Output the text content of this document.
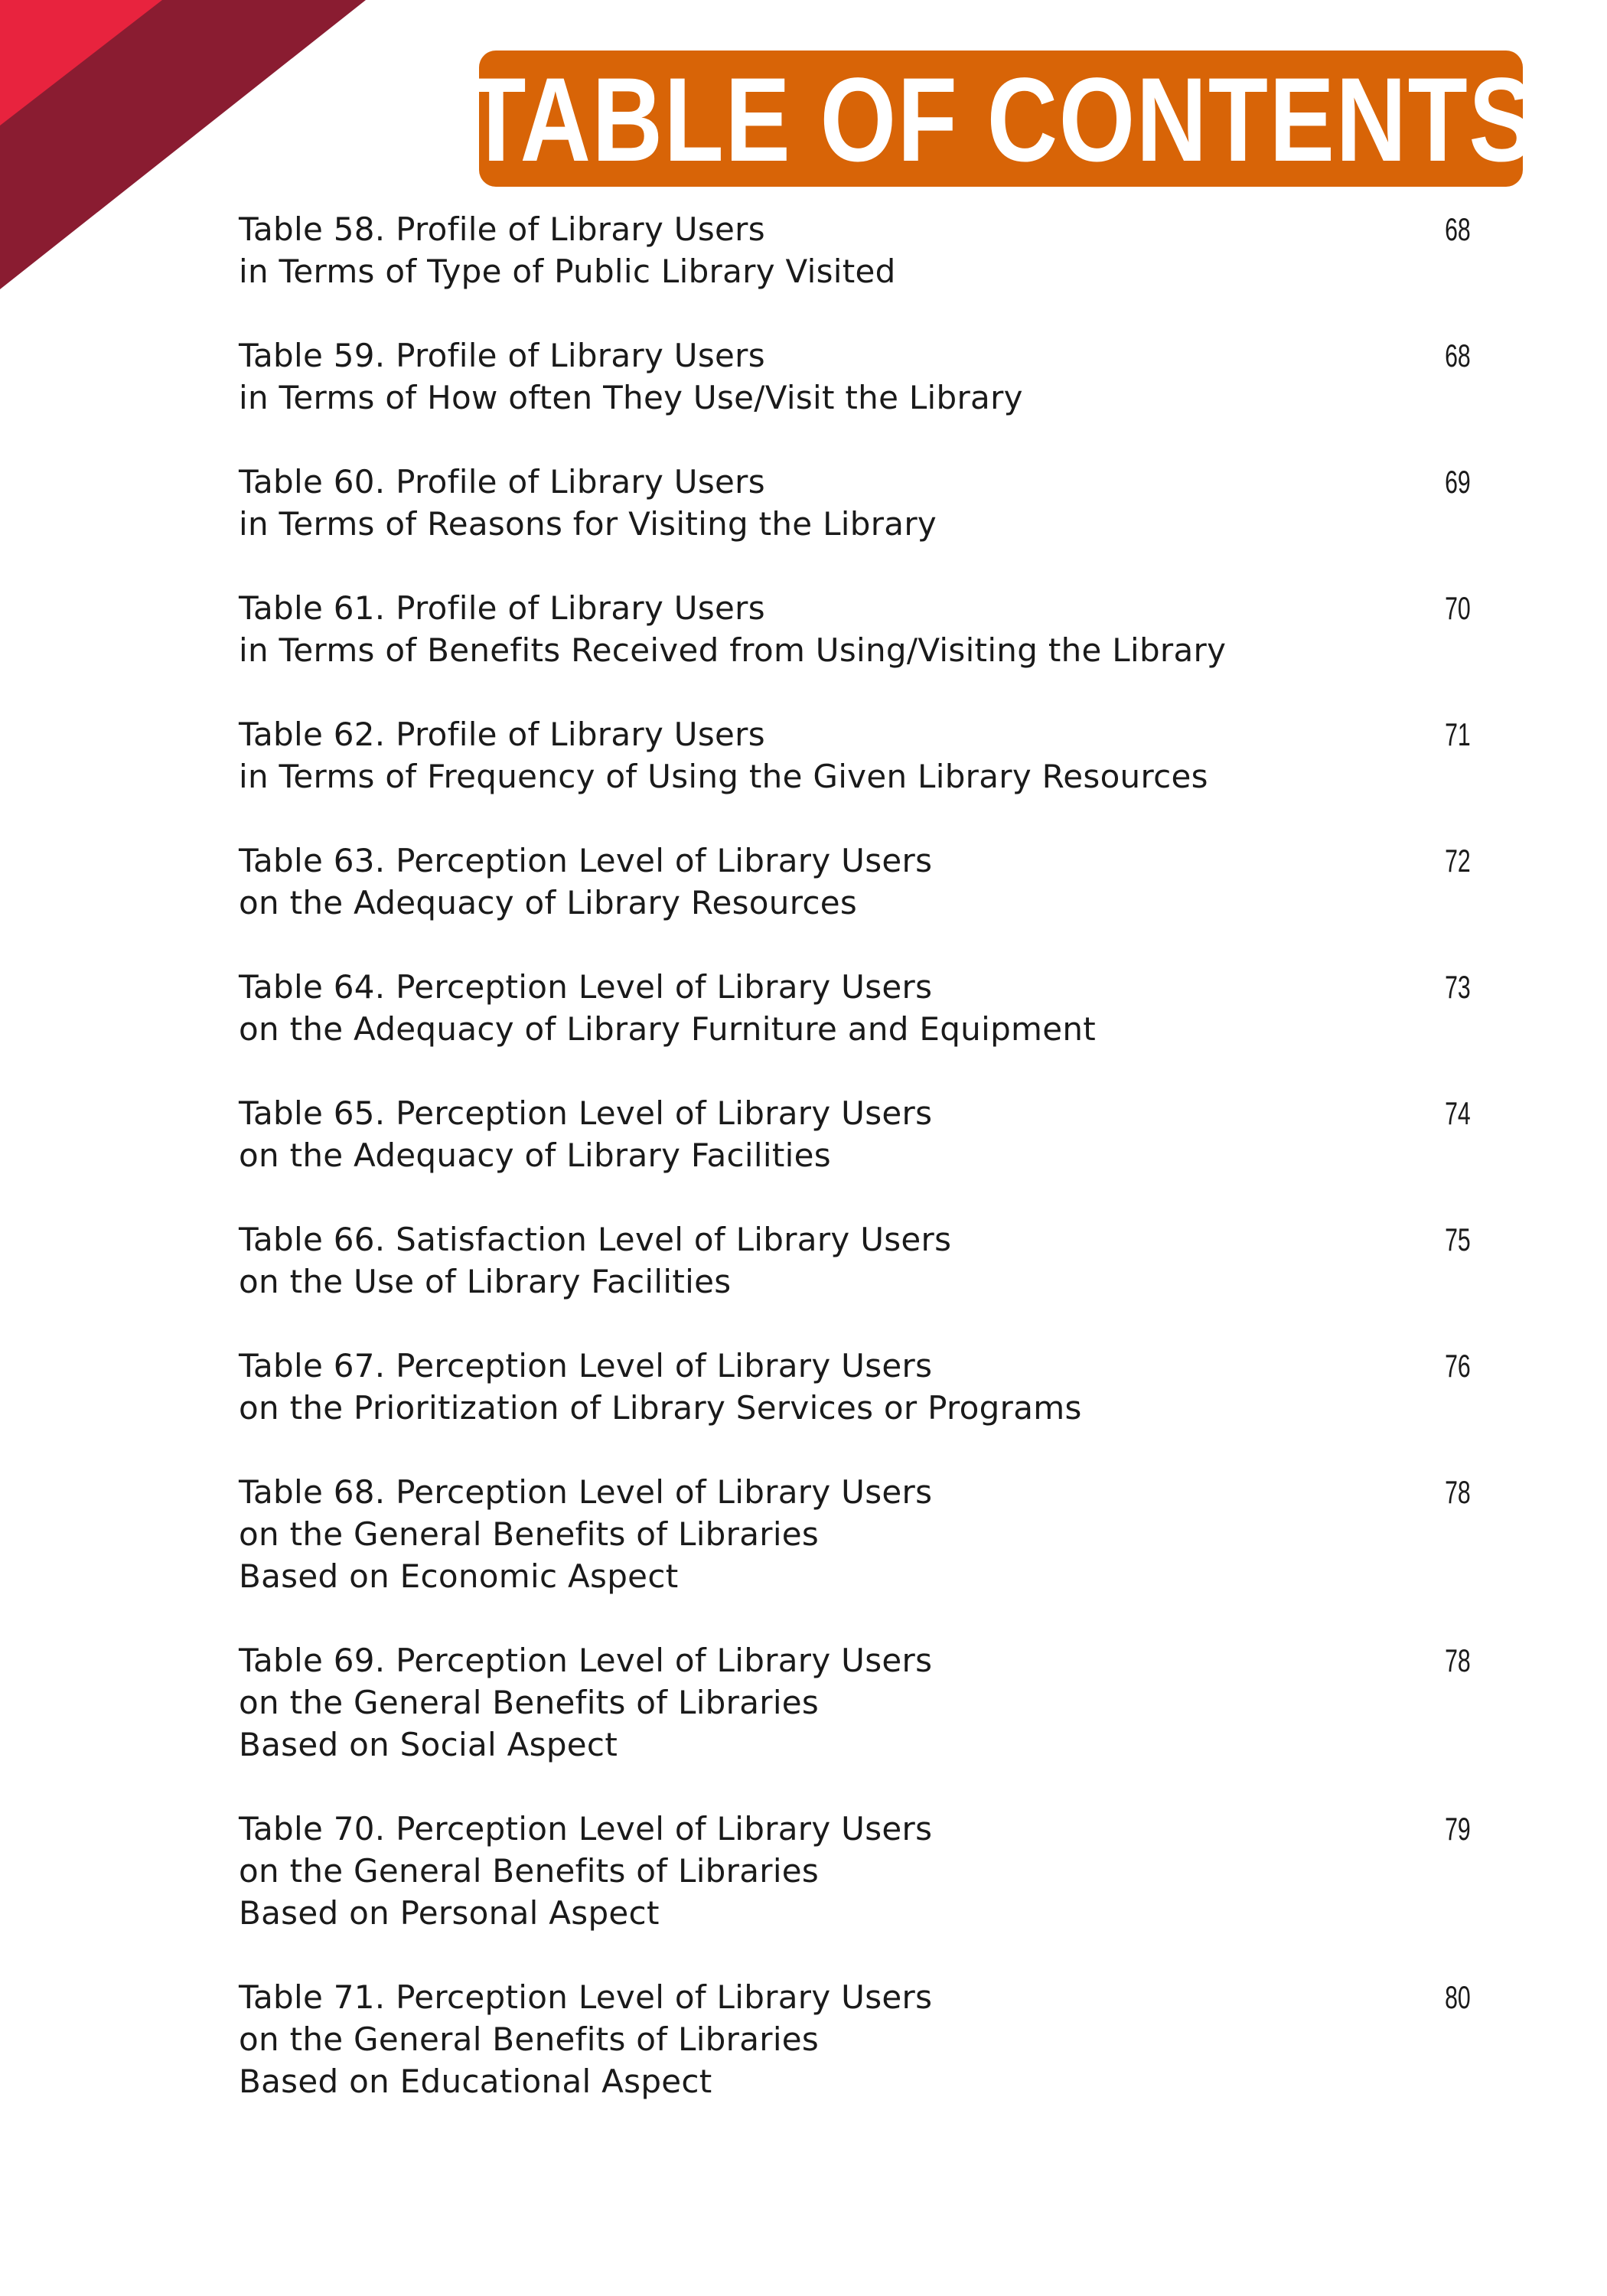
TABLE OF CONTENTS
Table 58. Profile of Library Users
in Terms of Type of Public Library Visited
68
Table 59. Profile of Library Users
in Terms of How often They Use/Visit the Library
68
Table 60. Profile of Library Users
in Terms of Reasons for Visiting the Library
69
Table 61. Profile of Library Users
in Terms of Benefits Received from Using/Visiting the Library
70
Table 62. Profile of Library Users
in Terms of Frequency of Using the Given Library Resources
71
Table 63. Perception Level of Library Users
on the Adequacy of Library Resources
72
Table 64. Perception Level of Library Users
on the Adequacy of Library Furniture and Equipment
73
Table 65. Perception Level of Library Users
on the Adequacy of Library Facilities
74
Table 66. Satisfaction Level of Library Users
on the Use of Library Facilities
75
Table 67. Perception Level of Library Users
on the Prioritization of Library Services or Programs
76
Table 68. Perception Level of Library Users
on the General Benefits of Libraries
Based on Economic Aspect
78
Table 69. Perception Level of Library Users
on the General Benefits of Libraries
Based on Social Aspect
78
Table 70. Perception Level of Library Users
on the General Benefits of Libraries
Based on Personal Aspect
79
Table 71. Perception Level of Library Users
on the General Benefits of Libraries
Based on Educational Aspect
80
